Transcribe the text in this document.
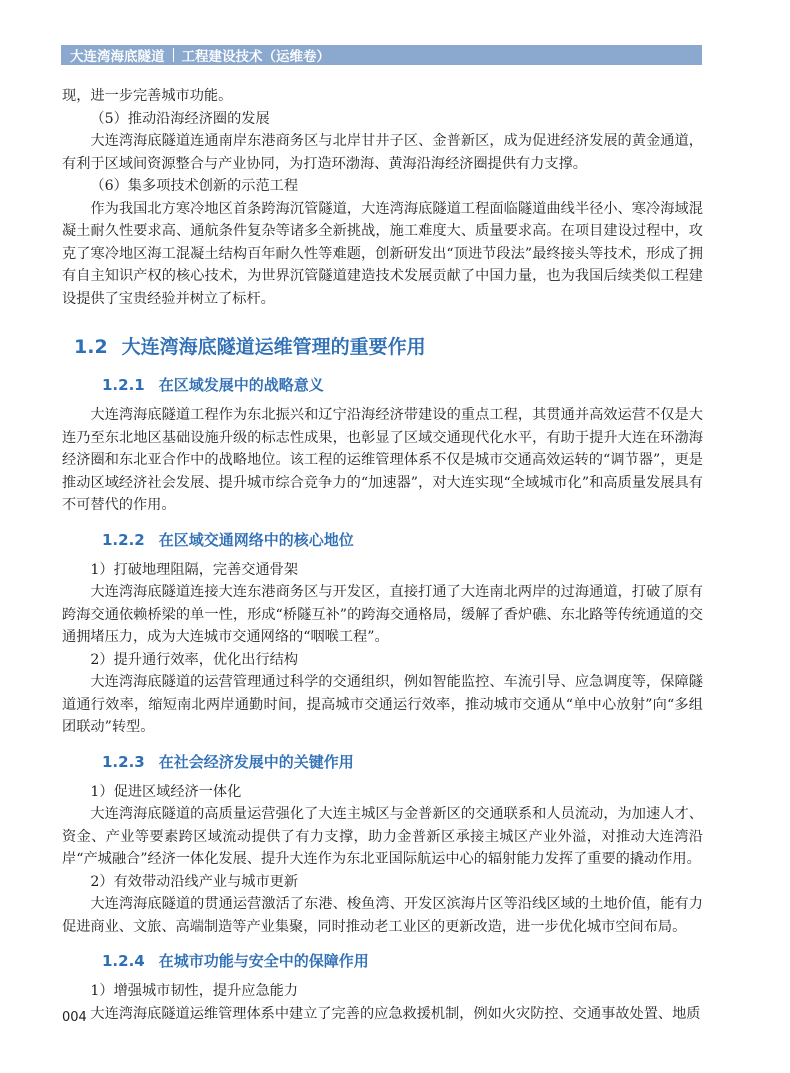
大连湾海底隧道 工程建设技术（运维卷）

现，进一步完善城市功能。

（5）推动沿海经济圈的发展

大连湾海底隧道连通南岸东港商务区与北岸甘井子区、金普新区，成为促进经济发展的黄金通道，有利于区域间资源整合与产业协同，为打造环渤海、黄海沿海经济圈提供有力支撑。

（6）集多项技术创新的示范工程

作为我国北方寒冷地区首条跨海沉管隧道，大连湾海底隧道工程面临隧道曲线半径小、寒冷海域混凝土耐久性要求高、通航条件复杂等诸多全新挑战，施工难度大、质量要求高。在项目建设过程中，攻克了寒冷地区海工混凝土结构百年耐久性等难题，创新研发出“顶进节段法”最终接头等技术，形成了拥有自主知识产权的核心技术，为世界沉管隧道建造技术发展贡献了中国力量，也为我国后续类似工程建设提供了宝贵经验并树立了标杆。

1.2 大连湾海底隧道运维管理的重要作用
1.2.1 在区域发展中的战略意义

大连湾海底隧道工程作为东北振兴和辽宁沿海经济带建设的重点工程，其贯通并高效运营不仅是大连乃至东北地区基础设施升级的标志性成果，也彰显了区域交通现代化水平，有助于提升大连在环渤海经济圈和东北亚合作中的战略地位。该工程的运维管理体系不仅是城市交通高效运转的“调节器”，更是推动区域经济社会发展、提升城市综合竞争力的“加速器”，对大连实现“全域城市化”和高质量发展具有不可替代的作用。

1.2.2 在区域交通网络中的核心地位

1）打破地理阻隔，完善交通骨架

大连湾海底隧道连接大连东港商务区与开发区，直接打通了大连南北两岸的过海通道，打破了原有跨海交通依赖桥梁的单一性，形成“桥隧互补”的跨海交通格局，缓解了香炉礁、东北路等传统通道的交通拥堵压力，成为大连城市交通网络的“咽喉工程”。

2）提升通行效率，优化出行结构

大连湾海底隧道的运营管理通过科学的交通组织，例如智能监控、车流引导、应急调度等，保障隧道通行效率，缩短南北两岸通勤时间，提高城市交通运行效率，推动城市交通从“单中心放射”向“多组团联动”转型。

1.2.3 在社会经济发展中的关键作用

1）促进区域经济一体化

大连湾海底隧道的高质量运营强化了大连主城区与金普新区的交通联系和人员流动，为加速人才、资金、产业等要素跨区域流动提供了有力支撑，助力金普新区承接主城区产业外溢，对推动大连湾沿岸“产城融合”经济一体化发展、提升大连作为东北亚国际航运中心的辐射能力发挥了重要的撬动作用。

2）有效带动沿线产业与城市更新

大连湾海底隧道的贯通运营激活了东港、梭鱼湾、开发区滨海片区等沿线区域的土地价值，能有力促进商业、文旅、高端制造等产业集聚，同时推动老工业区的更新改造，进一步优化城市空间布局。

1.2.4 在城市功能与安全中的保障作用

1）增强城市韧性，提升应急能力

大连湾海底隧道运维管理体系中建立了完善的应急救援机制，例如火灾防控、交通事故处置、地质

004
